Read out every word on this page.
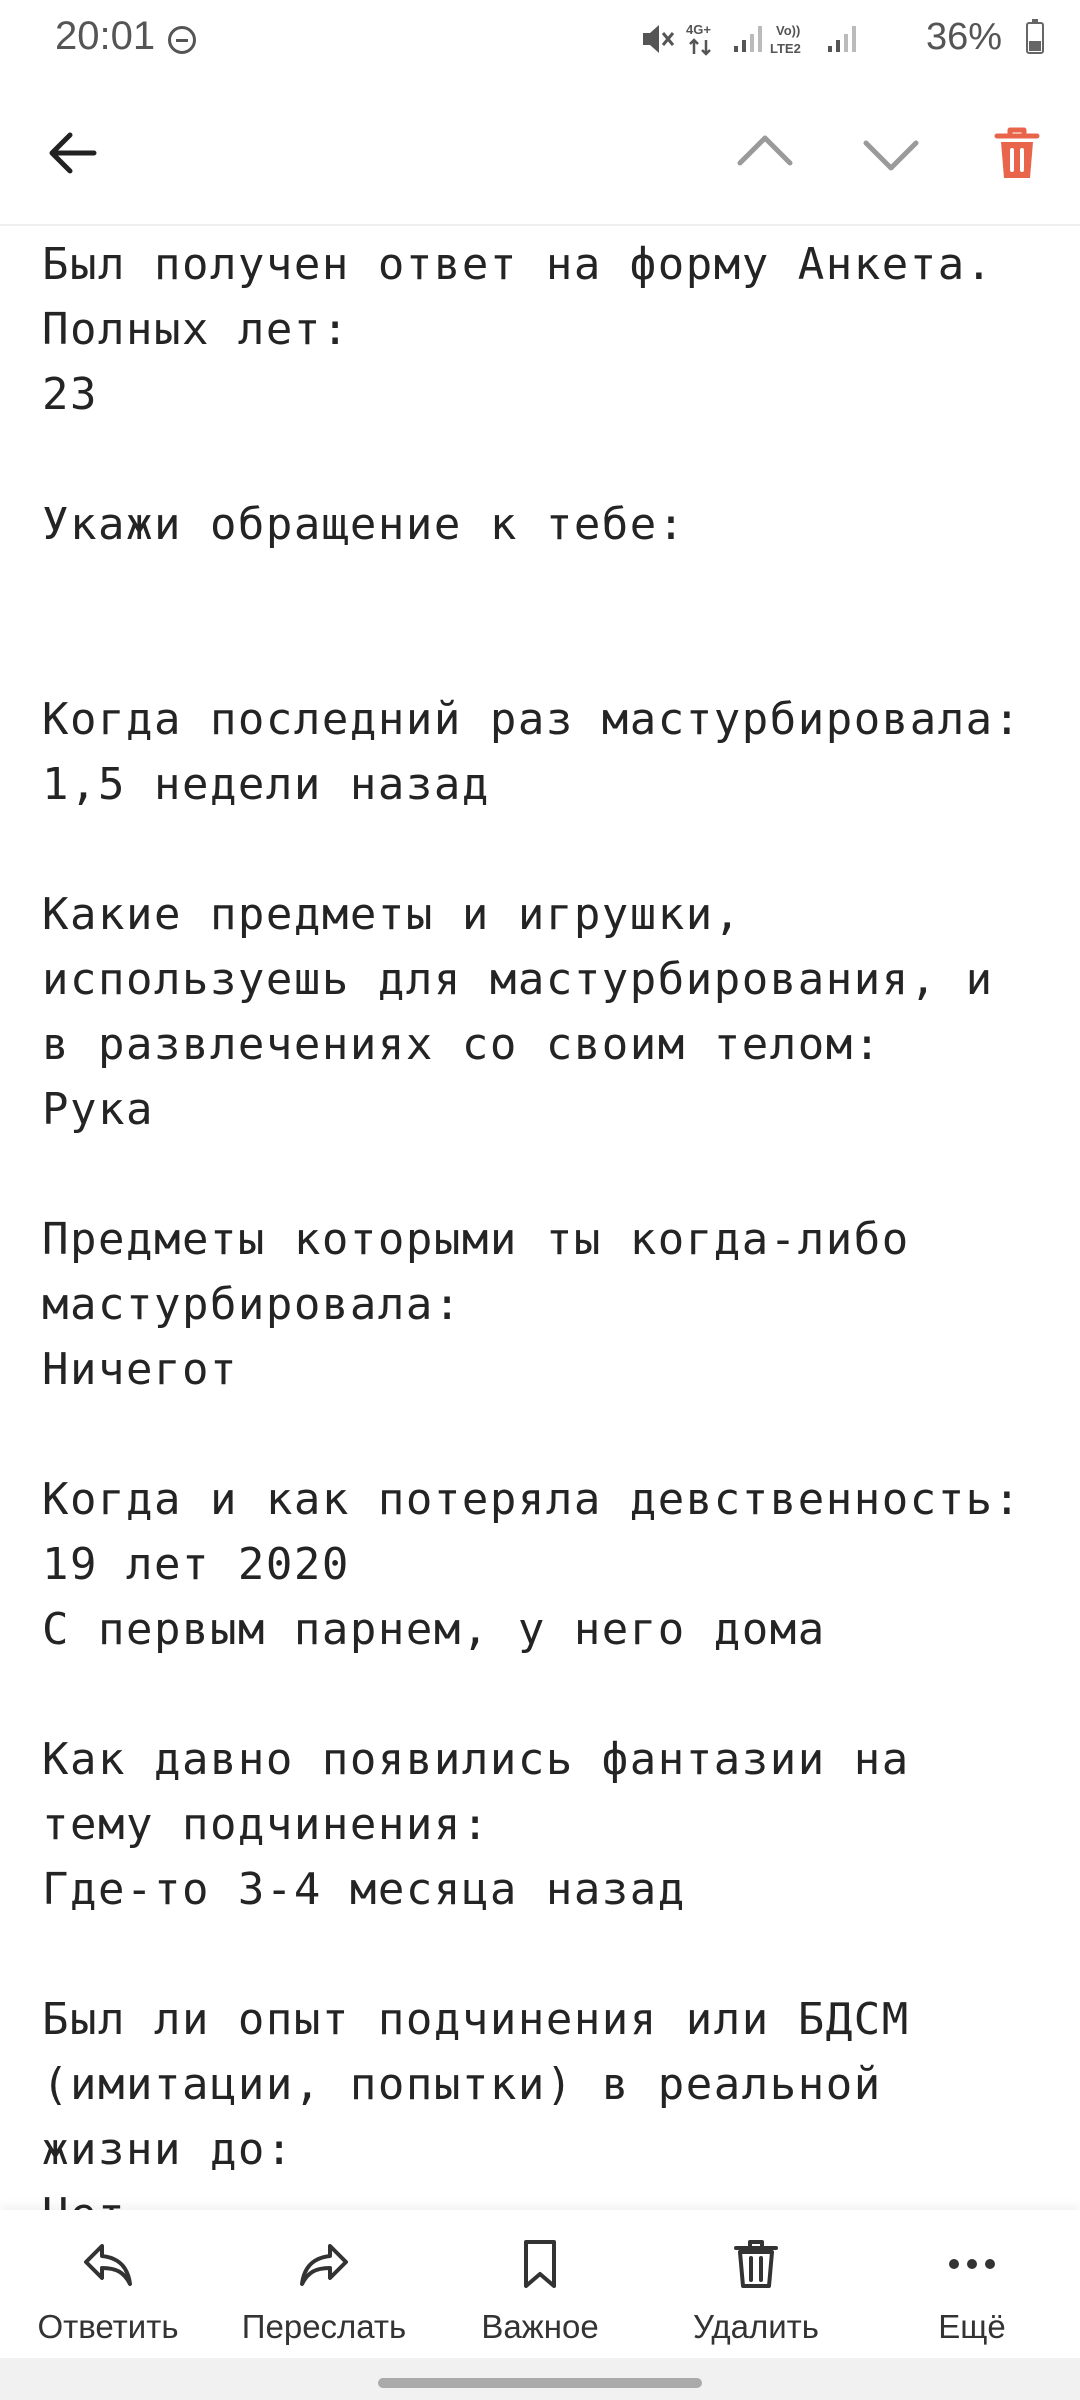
20:01	4G+	Vo))
LTE2	36%
Был получен ответ на форму Анкета.
Полных лет:
23

Укажи обращение к тебе:

Когда последний раз мастурбировала:
1,5 недели назад

Какие предметы и игрушки,
используешь для мастурбирования, и
в развлечениях со своим телом:
Рука

Предметы которыми ты когда-либо
мастурбировала:
Ничегот

Когда и как потеряла девственность:
19 лет 2020
С первым парнем, у него дома

Как давно появились фантазии на
тему подчинения:
Где-то 3-4 месяца назад

Был ли опыт подчинения или БДСМ
(имитации, попытки) в реальной
жизни до:

Ответить	Переслать	Важное	Удалить	Ещё
